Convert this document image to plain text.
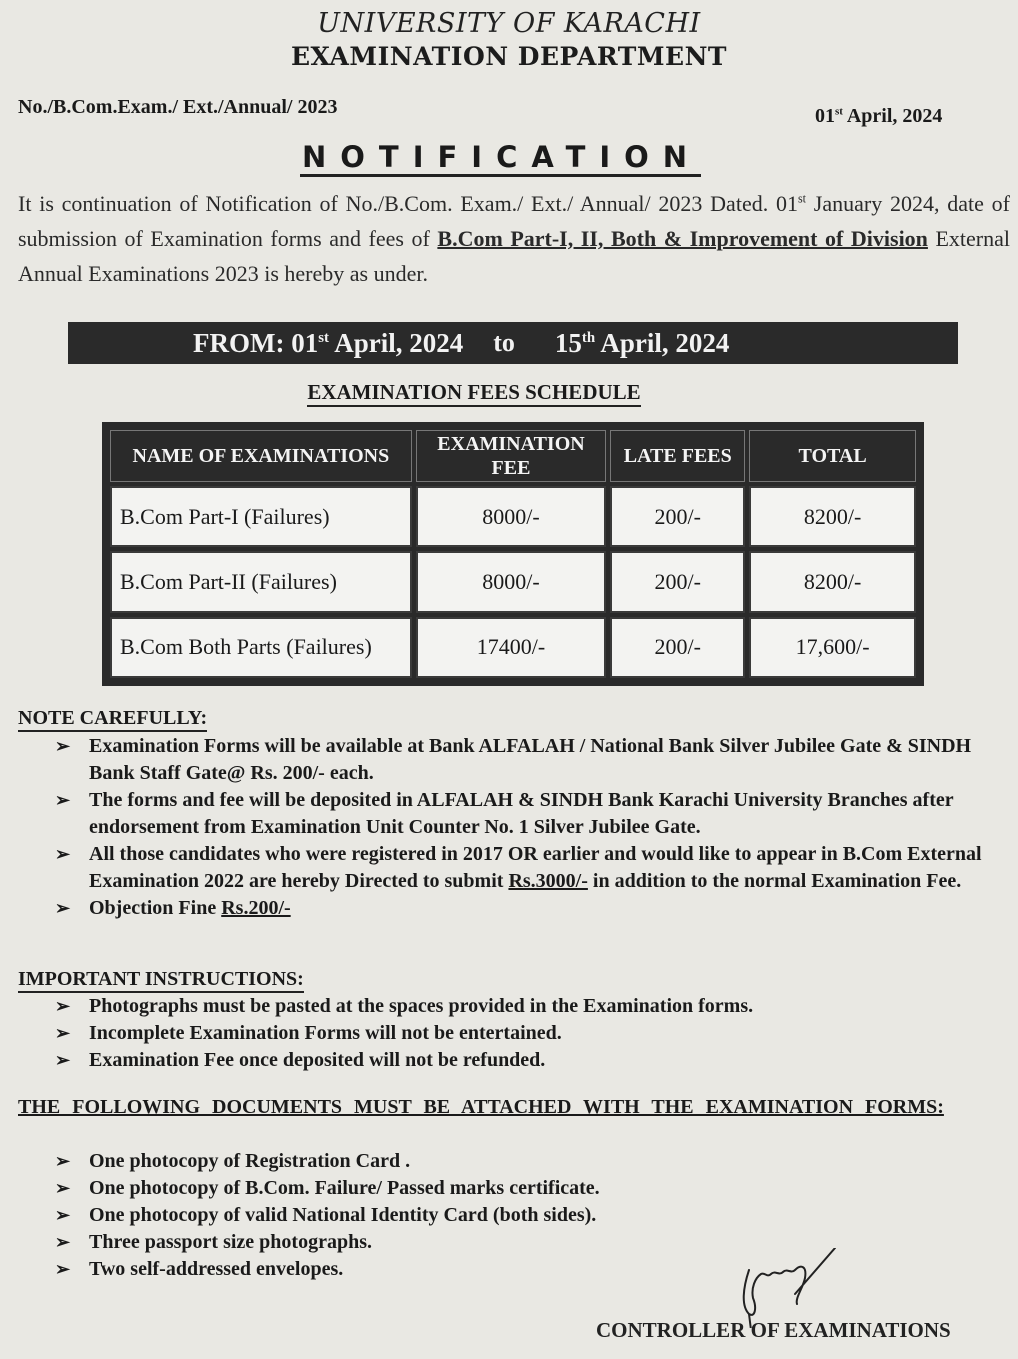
UNIVERSITY OF KARACHI
EXAMINATION DEPARTMENT
No./B.Com.Exam./ Ext./Annual/ 2023	01st April, 2024
NOTIFICATION
It is continuation of Notification of No./B.Com. Exam./ Ext./ Annual/ 2023 Dated. 01st January 2024, date of submission of Examination forms and fees of B.Com Part-I, II, Both & Improvement of Division External Annual Examinations 2023 is hereby as under.
FROM: 01st April, 2024 to 15th April, 2024
EXAMINATION FEES SCHEDULE
NAME OF EXAMINATIONS	EXAMINATION FEE	LATE FEES	TOTAL
B.Com Part-I (Failures)	8000/-	200/-	8200/-
B.Com Part-II (Failures)	8000/-	200/-	8200/-
B.Com Both Parts (Failures)	17400/-	200/-	17,600/-
NOTE CAREFULLY:
➢ Examination Forms will be available at Bank ALFALAH / National Bank Silver Jubilee Gate & SINDH Bank Staff Gate@ Rs. 200/- each.
➢ The forms and fee will be deposited in ALFALAH & SINDH Bank Karachi University Branches after endorsement from Examination Unit Counter No. 1 Silver Jubilee Gate.
➢ All those candidates who were registered in 2017 OR earlier and would like to appear in B.Com External Examination 2022 are hereby Directed to submit Rs.3000/- in addition to the normal Examination Fee.
➢ Objection Fine Rs.200/-
IMPORTANT INSTRUCTIONS:
➢ Photographs must be pasted at the spaces provided in the Examination forms.
➢ Incomplete Examination Forms will not be entertained.
➢ Examination Fee once deposited will not be refunded.
THE FOLLOWING DOCUMENTS MUST BE ATTACHED WITH THE EXAMINATION FORMS:
➢ One photocopy of Registration Card .
➢ One photocopy of B.Com. Failure/ Passed marks certificate.
➢ One photocopy of valid National Identity Card (both sides).
➢ Three passport size photographs.
➢ Two self-addressed envelopes.
CONTROLLER OF EXAMINATIONS
